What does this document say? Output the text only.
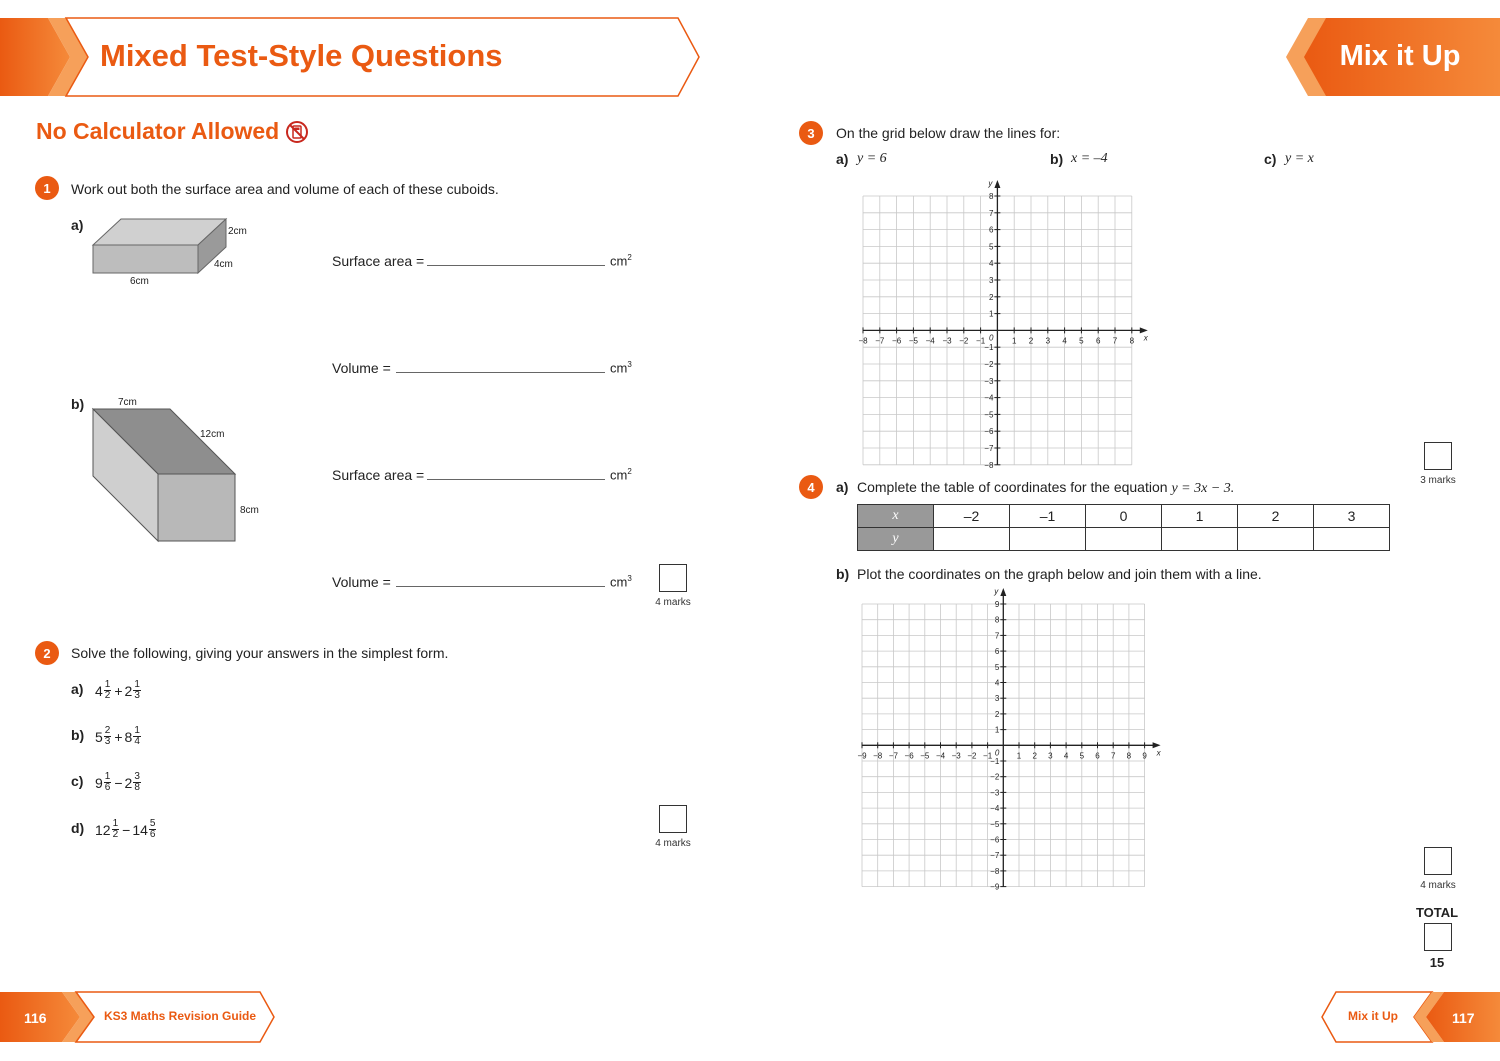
Mixed Test-Style Questions	Mix it Up
No Calculator Allowed
1	Work out both the surface area and volume of each of these cuboids.
a)	2cm
4cm
6cm
Surface area =	$cm^2$
Volume =	$cm^3$
b)	7cm
12cm
8cm
Surface area =	$cm^2$
Volume =	$cm^3$
4 marks
2	Solve the following, giving your answers in the simplest form.
a) $4 \frac{1}{2} + 2 \frac{1}{3}$
b) $5 \frac{2}{3} + 8 \frac{1}{4}$
c) $9 \frac{1}{6} - 2 \frac{3}{8}$
d) $12 \frac{1}{2} - 14 \frac{5}{6}$
4 marks
3	On the grid below draw the lines for:
a) y = 6	b) x = –4	c) y = x
−8 −7 −6 −5 −4 −3 −2 −1	1 2 3 4 5 6 7 8
−8
−7
−6
−5
−4
−3
−2
−1
1
2
3
4
5
6
7
8
0	x
y
3 marks
4	a) Complete the table of coordinates for the equation y = 3x − 3.
x	–2	–1	0	1	2	3
y						
b) Plot the coordinates on the graph below and join them with a line.
−9 −8 −7 −6 −5 −4 −3 −2 −1	1 2 3 4 5 6 7 8 9
−9
−8
−7
−6
−5
−4
−3
−2
−1
1
2
3
4
5
6
7
8
9
0	x
y
4 marks
TOTAL
15
116	KS3 Maths Revision Guide	Mix it Up	117
